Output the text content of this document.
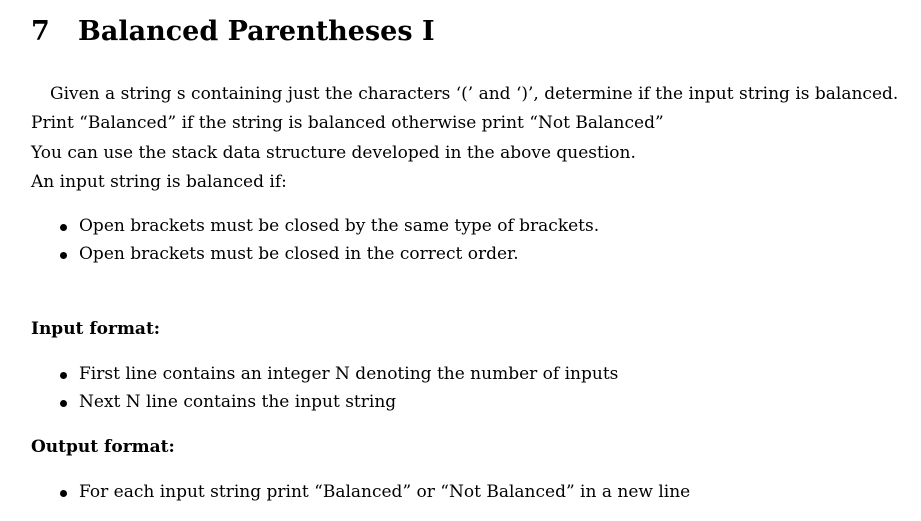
7 Balanced Parentheses I

Given a string s containing just the characters ‘(’ and ‘)’, determine if the input string is balanced.

Print “Balanced” if the string is balanced otherwise print “Not Balanced”

You can use the stack data structure developed in the above question.

An input string is balanced if:

Open brackets must be closed by the same type of brackets.
Open brackets must be closed in the correct order.
Input format:
First line contains an integer N denoting the number of inputs
Next N line contains the input string
Output format:
For each input string print “Balanced” or “Not Balanced” in a new line
